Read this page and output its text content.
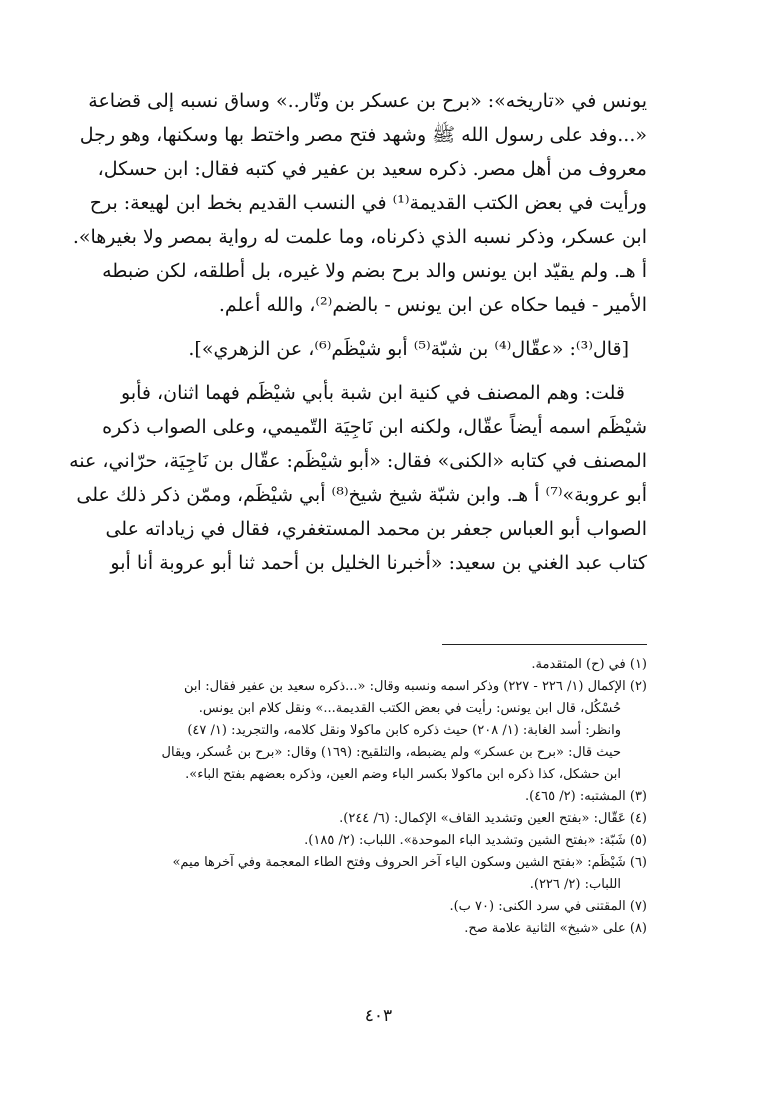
يونس في «تاريخه»: «برح بن عسكر بن وتّار..» وساق نسبه إلى قضاعة
«...وفد على رسول الله ﷺ وشهد فتح مصر واختط بها وسكنها، وهو رجل
معروف من أهل مصر. ذكره سعيد بن عفير في كتبه فقال: ابن حسكل،
ورأيت في بعض الكتب القديمة⁽¹⁾ في النسب القديم بخط ابن لهيعة: برح
ابن عسكر، وذكر نسبه الذي ذكرناه، وما علمت له رواية بمصر ولا بغيرها».
أ هـ. ولم يقيّد ابن يونس والد برح بضم ولا غيره، بل أطلقه، لكن ضبطه
الأمير - فيما حكاه عن ابن يونس - بالضم⁽²⁾، والله أعلم.

[قال⁽³⁾: «عقّال⁽⁴⁾ بن شبّة⁽⁵⁾ أبو شيْظَم⁽⁶⁾، عن الزهري»].

قلت: وهم المصنف في كنية ابن شبة بأبي شيْظَم فهما اثنان، فأبو
شيْظَم اسمه أيضاً عقّال، ولكنه ابن نَاجِيَة التّميمي، وعلى الصواب ذكره
المصنف في كتابه «الكنى» فقال: «أبو شيْظَم: عقّال بن نَاجِيَة، حرّاني، عنه
أبو عروبة»⁽⁷⁾ أ هـ. وابن شبّة شيخ شيخ⁽⁸⁾ أبي شيْظَم، وممّن ذكر ذلك على
الصواب أبو العباس جعفر بن محمد المستغفري، فقال في زياداته على
كتاب عبد الغني بن سعيد: «أخبرنا الخليل بن أحمد ثنا أبو عروبة أنا أبو

(١) في (ح) المتقدمة.
(٢) الإكمال (١/ ٢٢٦ - ٢٢٧) وذكر اسمه ونسبه وقال: «...ذكره سعيد بن عفير فقال: ابن
حُسْكُل، قال ابن يونس: رأيت في بعض الكتب القديمة...» ونقل كلام ابن يونس.
وانظر: أسد الغابة: (١/ ٢٠٨) حيث ذكره كابن ماكولا ونقل كلامه، والتجريد: (١/ ٤٧)
حيث قال: «برح بن عسكر» ولم يضبطه، والتلقيح: (١٦٩) وقال: «برح بن عُسكر، ويقال
ابن حشكل، كذا ذكره ابن ماكولا بكسر الباء وضم العين، وذكره بعضهم بفتح الباء».
(٣) المشتبه: (٢/ ٤٦٥).
(٤) عَقّال: «بفتح العين وتشديد القاف» الإكمال: (٦/ ٢٤٤).
(٥) شَبّة: «بفتح الشين وتشديد الباء الموحدة». اللباب: (٢/ ١٨٥).
(٦) شَيْظَم: «بفتح الشين وسكون الياء آخر الحروف وفتح الطاء المعجمة وفي آخرها ميم»
اللباب: (٢/ ٢٢٦).
(٧) المقتنى في سرد الكنى: (٧٠ ب).
(٨) على «شيخ» الثانية علامة صح.
٤٠٣
